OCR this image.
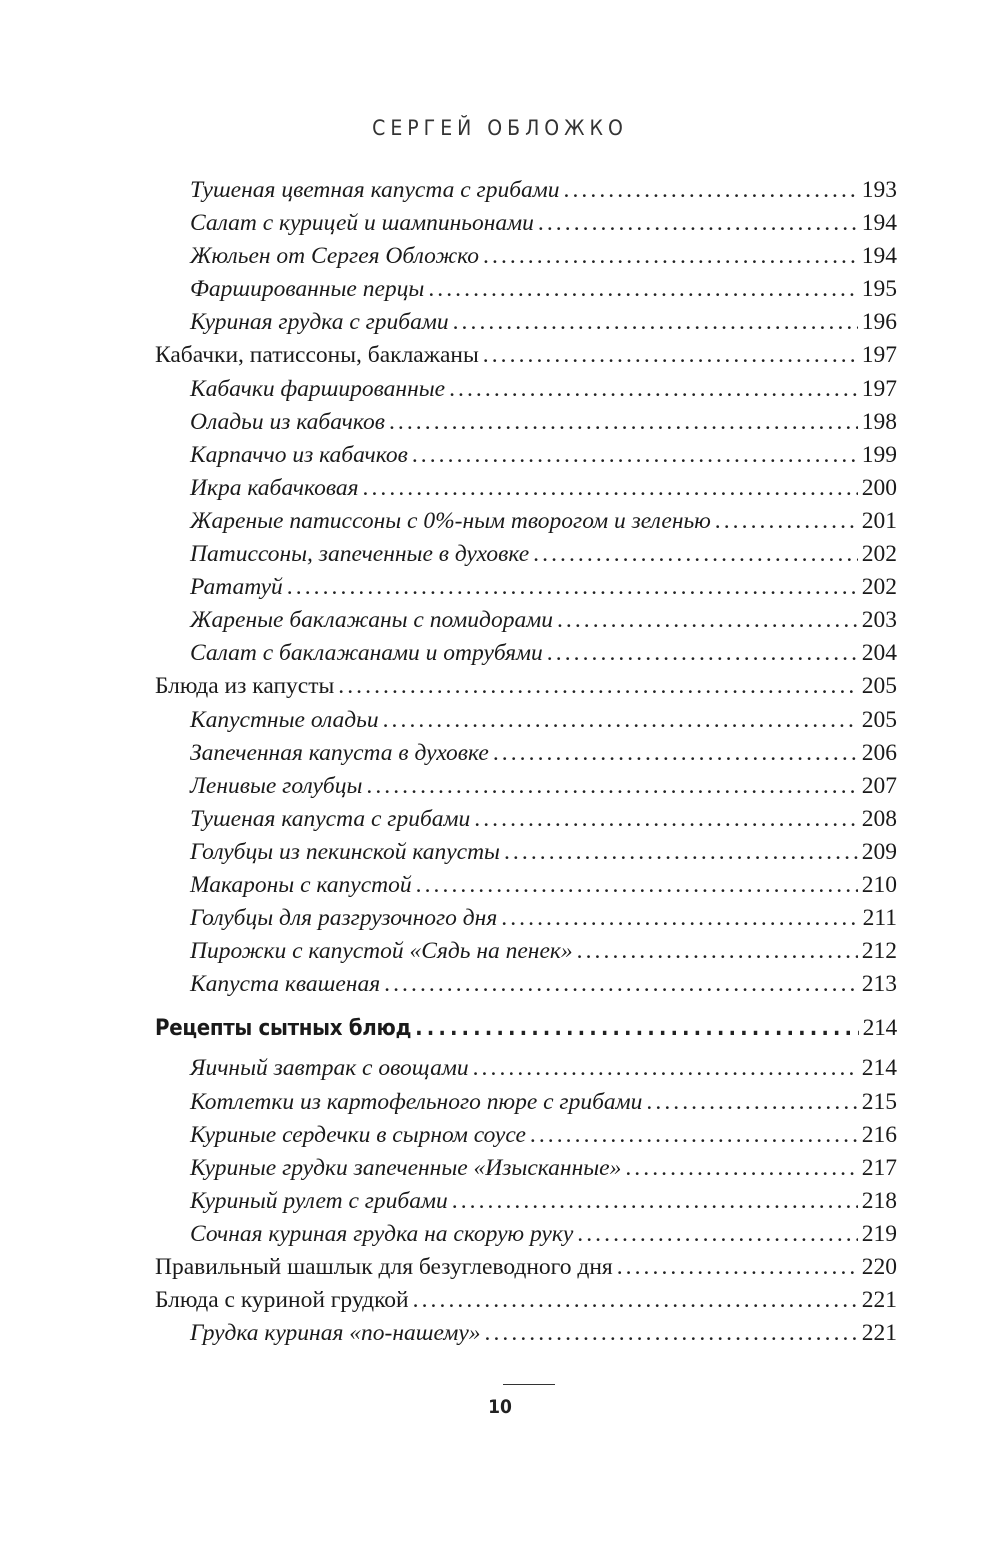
СЕРГЕЙ ОБЛОЖКО
Тушеная цветная капуста с грибами . . .	193
Салат с курицей и шампиньонами . . .	194
Жюльен от Сергея Обложко . . .	194
Фаршированные перцы . . .	195
Куриная грудка с грибами . . .	196
Кабачки, патиссоны, баклажаны . . .	197
Кабачки фаршированные . . .	197
Оладьи из кабачков . . .	198
Карпаччо из кабачков . . .	199
Икра кабачковая . . .	200
Жареные патиссоны с 0%-ным творогом и зеленью . . .	201
Патиссоны, запеченные в духовке . . .	202
Рататуй . . .	202
Жареные баклажаны с помидорами . . .	203
Салат с баклажанами и отрубями . . .	204
Блюда из капусты . . .	205
Капустные оладьи . . .	205
Запеченная капуста в духовке . . .	206
Ленивые голубцы . . .	207
Тушеная капуста с грибами . . .	208
Голубцы из пекинской капусты . . .	209
Макароны с капустой . . .	210
Голубцы для разгрузочного дня . . .	211
Пирожки с капустой «Сядь на пенек» . . .	212
Капуста квашеная . . .	213
Рецепты сытных блюд . . .	214
Яичный завтрак с овощами . . .	214
Котлетки из картофельного пюре с грибами . . .	215
Куриные сердечки в сырном соусе . . .	216
Куриные грудки запеченные «Изысканные» . . .	217
Куриный рулет с грибами . . .	218
Сочная куриная грудка на скорую руку . . .	219
Правильный шашлык для безуглеводного дня . . .	220
Блюда с куриной грудкой . . .	221
Грудка куриная «по-нашему» . . .	221
10
